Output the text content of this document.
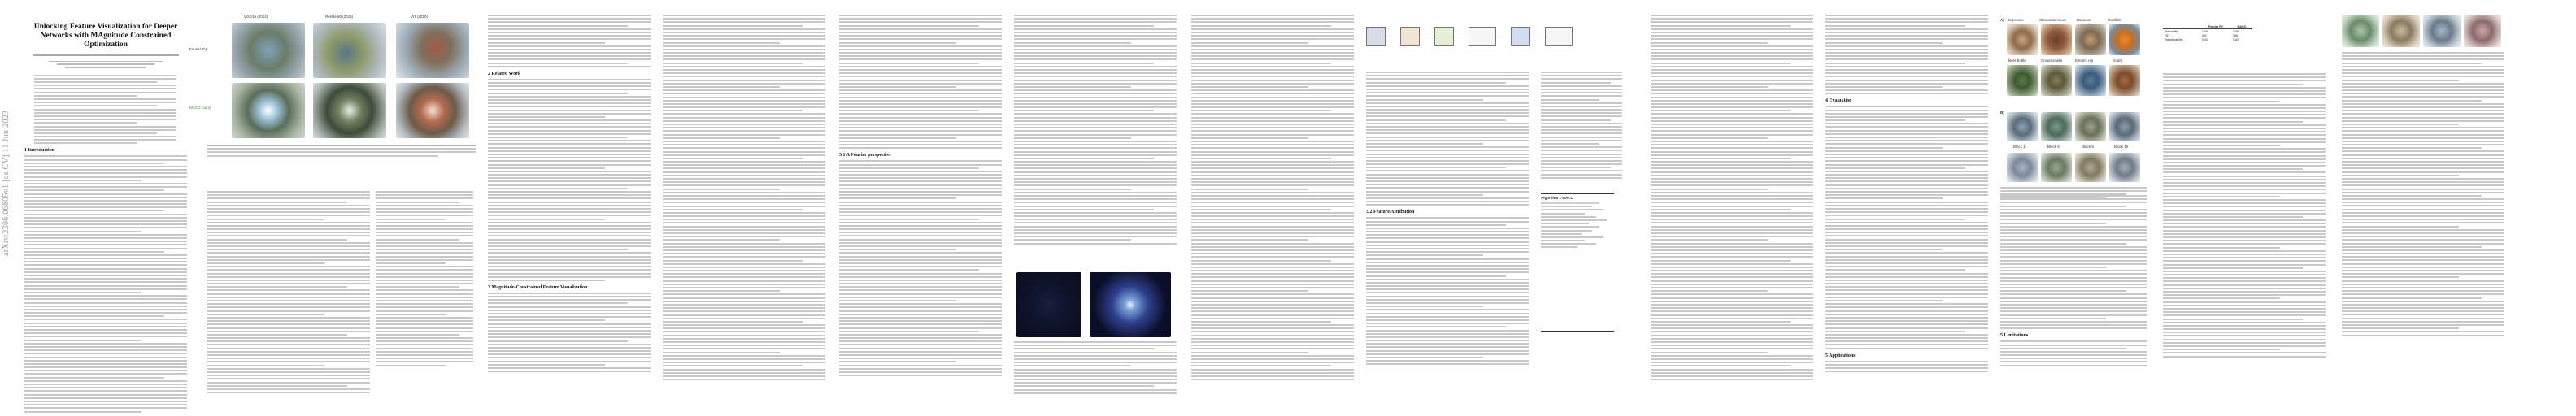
arXiv:2306.06805v1 [cs.CV] 11 Jun 2023
Unlocking Feature Visualization for Deeper Networks with MAgnitude Constrained Optimization
1 Introduction
VGG16 (2014)	ResNet50 (2016)	ViT (2020)
Fourier FV
MACO (ours)
2 Related Work
3 Magnitude-Constrained Feature Visualization
3.1 A Fourier perspective
3.2 Feature Attribution
Algorithm 1 MACO
4 Evaluation
5 Applications
A) Espresso	Chocolate sauce	Bassoon	Goldfish
Beer bottle	Crown snake	Electric ray	Guitar
B)
Block 1	Block 5	Block 9	Block 10
5 Limitations
	Fourier FV	MACO
Plausibility	1.09	0.99
FID	342	306
Transferability	0.43	0.63
